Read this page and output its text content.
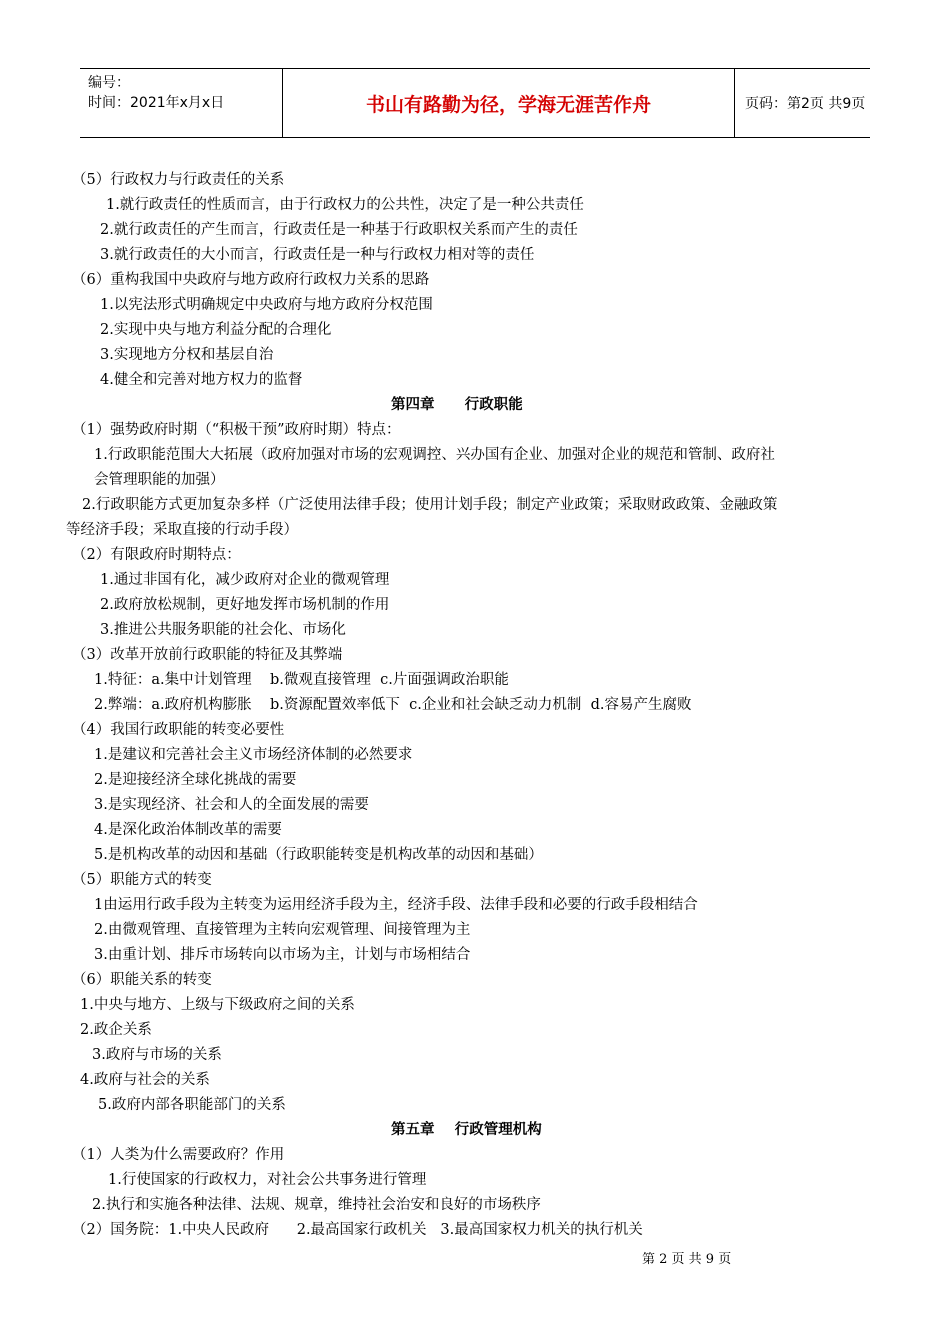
编号：
时间：2021年x月x日	书山有路勤为径，学海无涯苦作舟	页码：第2页 共9页
（5）行政权力与行政责任的关系
1.就行政责任的性质而言，由于行政权力的公共性，决定了是一种公共责任
2.就行政责任的产生而言，行政责任是一种基于行政职权关系而产生的责任
3.就行政责任的大小而言，行政责任是一种与行政权力相对等的责任
（6）重构我国中央政府与地方政府行政权力关系的思路
1.以宪法形式明确规定中央政府与地方政府分权范围
2.实现中央与地方利益分配的合理化
3.实现地方分权和基层自治
4.健全和完善对地方权力的监督
第四章      行政职能
（1）强势政府时期（“积极干预”政府时期）特点：
1.行政职能范围大大拓展（政府加强对市场的宏观调控、兴办国有企业、加强对企业的规范和管制、政府社
会管理职能的加强）
2.行政职能方式更加复杂多样（广泛使用法律手段；使用计划手段；制定产业政策；采取财政政策、金融政策
等经济手段；采取直接的行动手段）
（2）有限政府时期特点：
1.通过非国有化，减少政府对企业的微观管理
2.政府放松规制，更好地发挥市场机制的作用
3.推进公共服务职能的社会化、市场化
（3）改革开放前行政职能的特征及其弊端
1.特征：a.集中计划管理    b.微观直接管理  c.片面强调政治职能
2.弊端：a.政府机构膨胀    b.资源配置效率低下  c.企业和社会缺乏动力机制  d.容易产生腐败
（4）我国行政职能的转变必要性
1.是建议和完善社会主义市场经济体制的必然要求
2.是迎接经济全球化挑战的需要
3.是实现经济、社会和人的全面发展的需要
4.是深化政治体制改革的需要
5.是机构改革的动因和基础（行政职能转变是机构改革的动因和基础）
（5）职能方式的转变
1由运用行政手段为主转变为运用经济手段为主，经济手段、法律手段和必要的行政手段相结合
2.由微观管理、直接管理为主转向宏观管理、间接管理为主
3.由重计划、排斥市场转向以市场为主，计划与市场相结合
（6）职能关系的转变
1.中央与地方、上级与下级政府之间的关系
2.政企关系
3.政府与市场的关系
4.政府与社会的关系
5.政府内部各职能部门的关系
第五章    行政管理机构
（1）人类为什么需要政府？作用
1.行使国家的行政权力，对社会公共事务进行管理
2.执行和实施各种法律、法规、规章，维持社会治安和良好的市场秩序
（2）国务院：1.中央人民政府      2.最高国家行政机关   3.最高国家权力机关的执行机关
第 2 页 共 9 页
